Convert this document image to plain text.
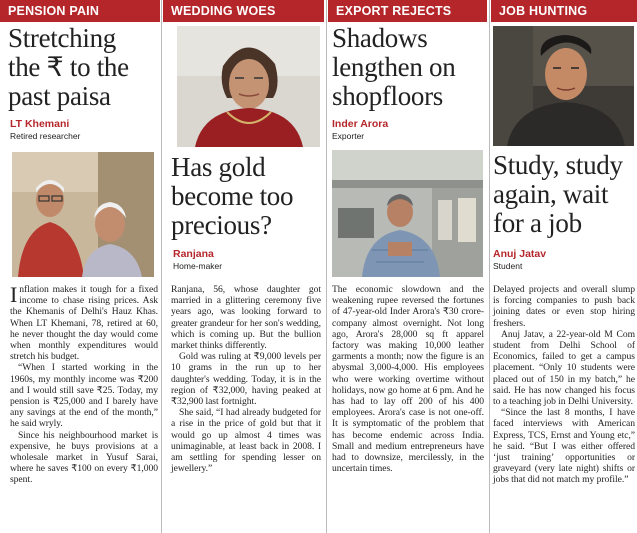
PENSION PAIN
Stretching
the ₹ to the
past paisa
LT Khemani
Retired researcher

Inflation makes it tough for a fixed income to chase rising prices. Ask the Khemanis of Delhi's Hauz Khas. When LT Khemani, 78, retired at 60, he never thought the day would come when monthly expenditures would stretch his budget.

“When I started working in the 1960s, my monthly income was ₹200 and I would still save ₹25. Today, my pension is ₹25,000 and I barely have any savings at the end of the month,” he said wryly.

Since his neighbourhood market is expensive, he buys provisions at a wholesale market in Yusuf Sarai, where he saves ₹100 on every ₹1,000 spent.

WEDDING WOES
Has gold
become too
precious?
Ranjana
Home-maker

Ranjana, 56, whose daughter got married in a glittering ceremony five years ago, was looking forward to greater grandeur for her son's wedding, which is coming up. But the bullion market thinks differently.

Gold was ruling at ₹9,000 levels per 10 grams in the run up to her daughter's wedding. Today, it is in the region of ₹32,000, having peaked at ₹32,900 last fortnight.

She said, “I had already budgeted for a rise in the price of gold but that it would go up almost 4 times was unimaginable, at least back in 2008. I am settling for spending lesser on jewellery.”

EXPORT REJECTS
Shadows
lengthen on
shopfloors
Inder Arora
Exporter

The economic slowdown and the weakening rupee reversed the fortunes of 47-year-old Inder Arora's ₹30 crore-company almost overnight. Not long ago, Arora's 28,000 sq ft apparel factory was making 10,000 leather garments a month; now the figure is an abysmal 3,000-4,000. His employees who were working overtime without holidays, now go home at 6 pm. And he has had to lay off 200 of his 400 employees. Arora's case is not one-off. It is symptomatic of the problem that has become endemic across India. Small and medium entrepreneurs have had to downsize, mercilessly, in the uncertain times.

JOB HUNTING
Study, study
again, wait
for a job
Anuj Jatav
Student

Delayed projects and overall slump is forcing companies to push back joining dates or even stop hiring freshers.

Anuj Jatav, a 22-year-old M Com student from Delhi School of Economics, failed to get a campus placement. “Only 10 students were placed out of 150 in my batch,” he said. He has now changed his focus to a teaching job in Delhi University.

“Since the last 8 months, I have faced interviews with American Express, TCS, Ernst and Young etc,” he said. “But I was either offered ‘just training’ opportunities or graveyard (very late night) shifts or jobs that did not match my profile.”
